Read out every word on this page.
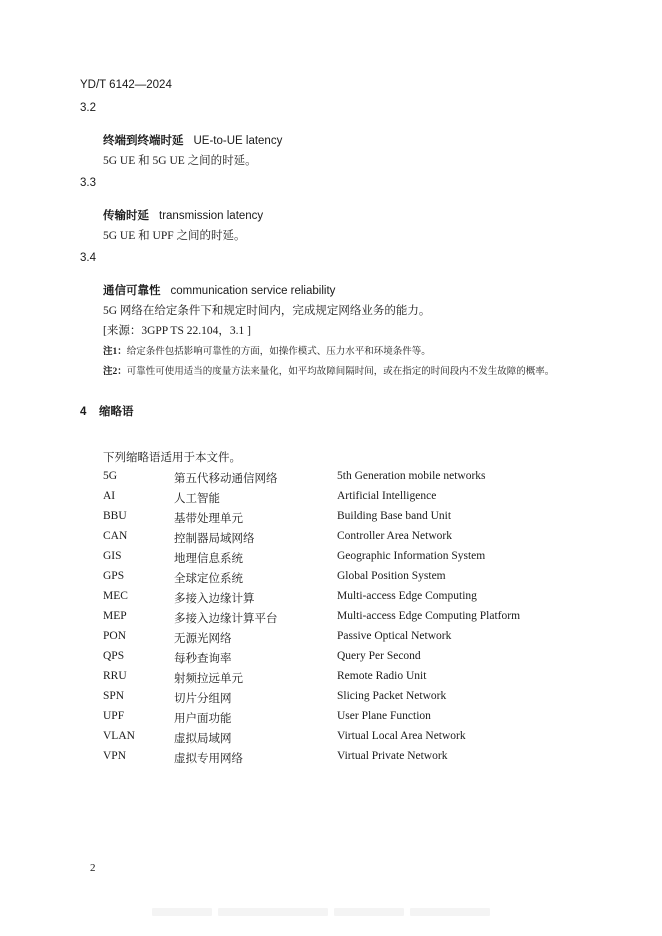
YD/T 6142—2024
3.2
终端到终端时延 UE-to-UE latency
5G UE 和 5G UE 之间的时延。
3.3
传输时延 transmission latency
5G UE 和 UPF 之间的时延。
3.4
通信可靠性 communication service reliability
5G 网络在给定条件下和规定时间内，完成规定网络业务的能力。
[来源：3GPP TS 22.104，3.1 ]
注1：给定条件包括影响可靠性的方面，如操作模式、压力水平和环境条件等。
注2：可靠性可使用适当的度量方法来量化，如平均故障间隔时间，或在指定的时间段内不发生故障的概率。
4 缩略语
下列缩略语适用于本文件。
5G	第五代移动通信网络	5th Generation mobile networks
AI	人工智能	Artificial Intelligence
BBU	基带处理单元	Building Base band Unit
CAN	控制器局域网络	Controller Area Network
GIS	地理信息系统	Geographic Information System
GPS	全球定位系统	Global Position System
MEC	多接入边缘计算	Multi-access Edge Computing
MEP	多接入边缘计算平台	Multi-access Edge Computing Platform
PON	无源光网络	Passive Optical Network
QPS	每秒查询率	Query Per Second
RRU	射频拉远单元	Remote Radio Unit
SPN	切片分组网	Slicing Packet Network
UPF	用户面功能	User Plane Function
VLAN	虚拟局域网	Virtual Local Area Network
VPN	虚拟专用网络	Virtual Private Network
2
